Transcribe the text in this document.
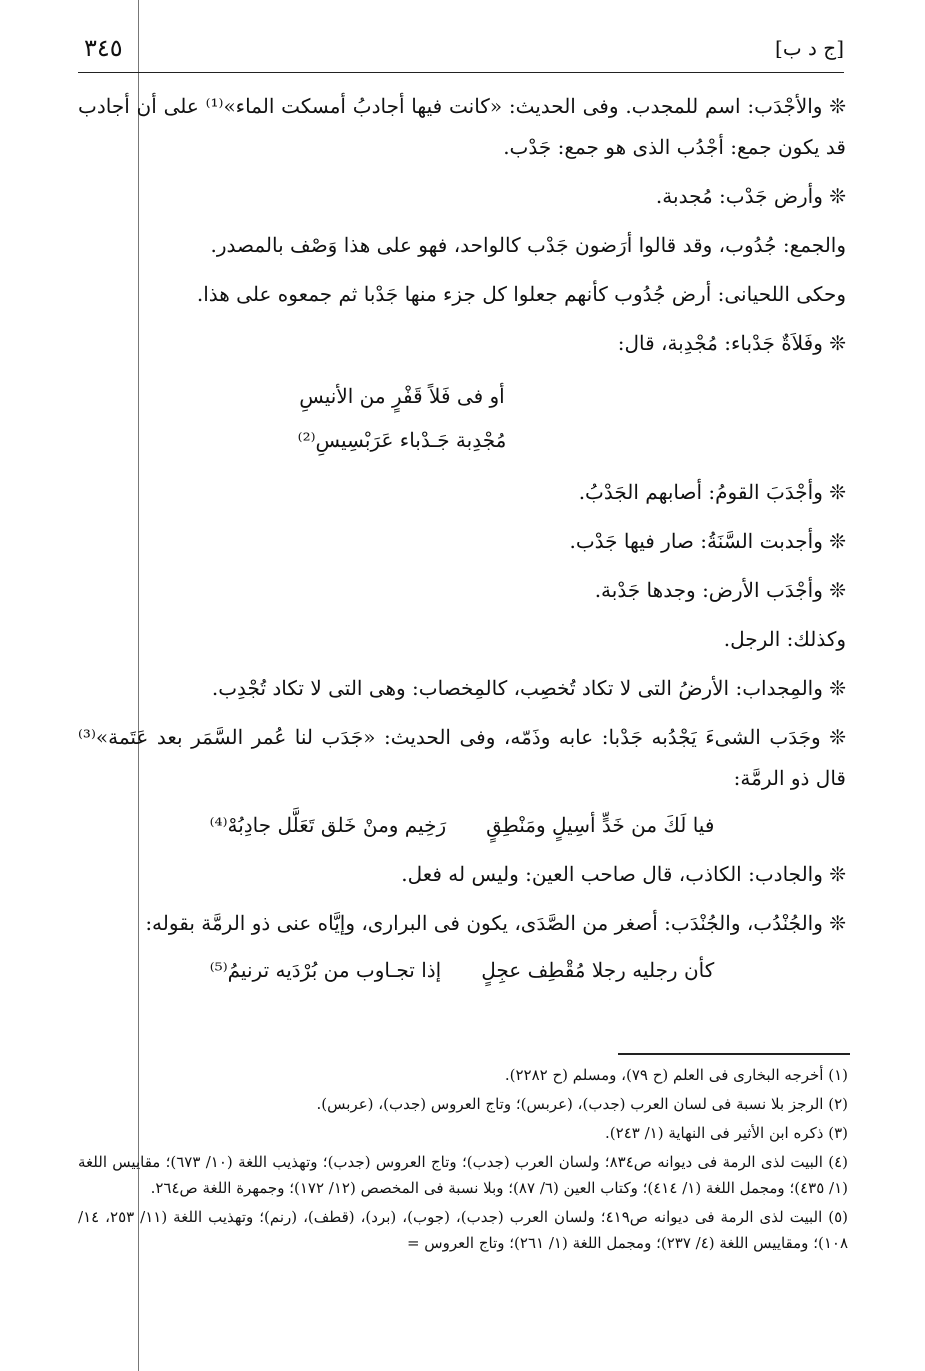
٣٤٥	[ج د ب]

❊ والأجْدَب: اسم للمجدب. وفى الحديث: «كانت فيها أجادبُ أمسكت الماء»⁽¹⁾ على أن أجادب قد يكون جمع: أجْدُب الذى هو جمع: جَدْب.

❊ وأرض جَدْب: مُجدبة.

والجمع: جُدُوب، وقد قالوا أرَضون جَدْب كالواحد، فهو على هذا وَصْف بالمصدر.

وحكى اللحيانى: أرض جُدُوب كأنهم جعلوا كل جزء منها جَدْبا ثم جمعوه على هذا.

❊ وفَلاَةٌ جَدْباء: مُجْدِبة، قال:

أو فى فَلاً قَفْرٍ من الأنيسِ
مُجْدِبة جَـدْباء عَرَبْسِيسِ⁽²⁾

❊ وأجْدَبَ القومُ: أصابهم الجَدْبُ.

❊ وأجدبت السَّنَةُ: صار فيها جَدْب.

❊ وأجْدَب الأرض: وجدها جَدْبة.

وكذلك: الرجل.

❊ والمِجداب: الأرضُ التى لا تكاد تُخصِب، كالمِخصاب: وهى التى لا تكاد تُجْدِب.

❊ وجَدَب الشىءَ يَجْدُبه جَدْبا: عابه وذَمّه، وفى الحديث: «جَدَب لنا عُمر السَّمَر بعد عَتَمة»⁽³⁾ قال ذو الرمَّة:

فيا لَكَ من خَدٍّ أسِيلٍ ومَنْطِقٍ
رَخِيم ومنْ خَلق تَعَلَّل جادِبُهْ⁽⁴⁾

❊ والجادب: الكاذب، قال صاحب العين: وليس له فعل.

❊ والجُنْدُب، والجُنْدَب: أصغر من الصَّدَى، يكون فى البرارى، وإيَّاه عنى ذو الرمَّة بقوله:

كأن رجليه رجلا مُقْطِف عجِلٍ
إذا تجـاوب من بُرْدَيه ترنيمُ⁽⁵⁾

(١) أخرجه البخارى فى العلم (ح ٧٩)، ومسلم (ح ٢٢٨٢).

(٢) الرجز بلا نسبة فى لسان العرب (جدب)، (عربس)؛ وتاج العروس (جدب)، (عربس).

(٣) ذكره ابن الأثير فى النهاية (١/ ٢٤٣).

(٤) البيت لذى الرمة فى ديوانه ص٨٣٤؛ ولسان العرب (جدب)؛ وتاج العروس (جدب)؛ وتهذيب اللغة (١٠/ ٦٧٣)؛ مقاييس اللغة (١/ ٤٣٥)؛ ومجمل اللغة (١/ ٤١٤)؛ وكتاب العين (٦/ ٨٧)؛ وبلا نسبة فى المخصص (١٢/ ١٧٢)؛ وجمهرة اللغة ص٢٦٤.

(٥) البيت لذى الرمة فى ديوانه ص٤١٩؛ ولسان العرب (جدب)، (جوب)، (برد)، (قطف)، (رنم)؛ وتهذيب اللغة (١١/ ٢٥٣، ١٤/ ١٠٨)؛ ومقاييس اللغة (٤/ ٢٣٧)؛ ومجمل اللغة (١/ ٢٦١)؛ وتاج العروس =
